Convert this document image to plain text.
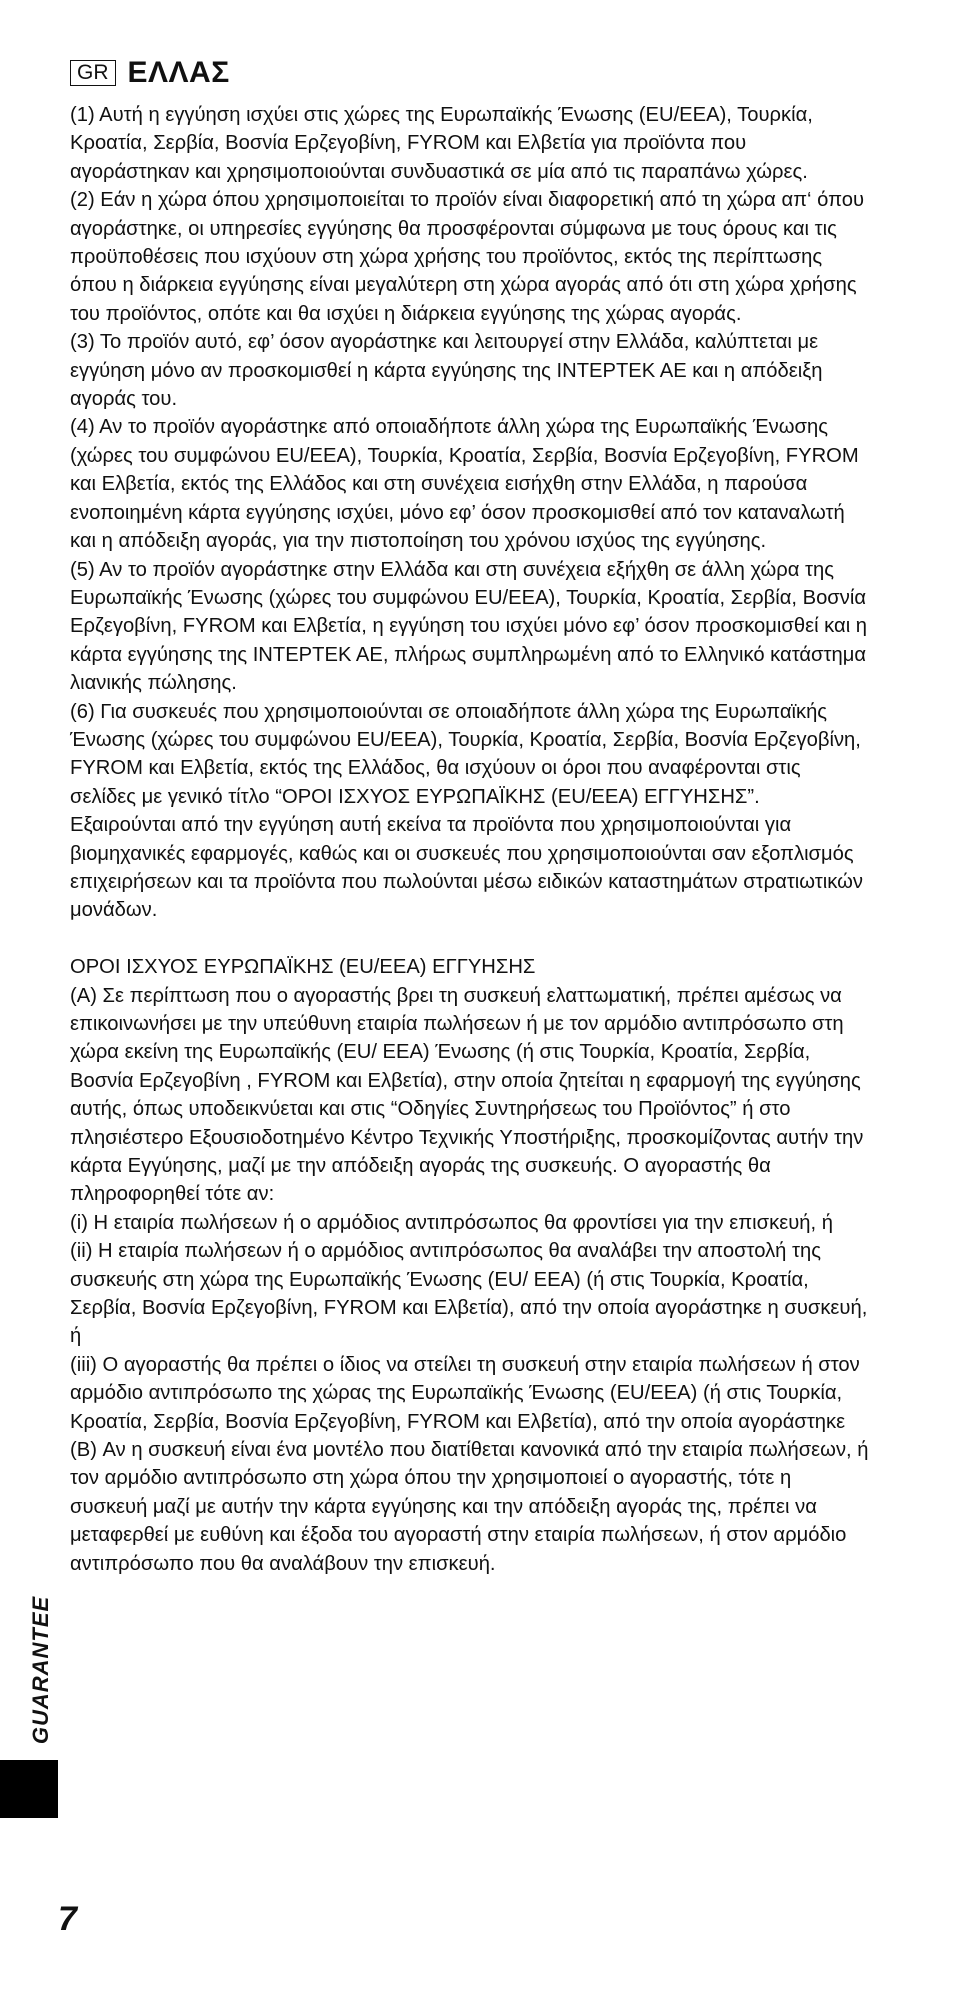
GR ΕΛΛΑΣ

(1) Αυτή η εγγύηση ισχύει στις χώρες της Ευρωπαϊκής Ένωσης (EU/EEA), Τουρκία, Κροατία, Σερβία, Βοσνία Ερζεγοβίνη, FYROM και Ελβετία για προϊόντα που αγοράστηκαν και χρησιμοποιούνται συνδυαστικά σε μία από τις παραπάνω χώρες.

(2) Εάν η χώρα όπου χρησιμοποιείται το προϊόν είναι διαφορετική από τη χώρα απ‘ όπου αγοράστηκε, οι υπηρεσίες εγγύησης θα προσφέρονται σύμφωνα με τους όρους και τις προϋποθέσεις που ισχύουν στη χώρα χρήσης του προϊόντος, εκτός της περίπτωσης όπου η διάρκεια εγγύησης είναι μεγαλύτερη στη χώρα αγοράς από ότι στη χώρα χρήσης του προϊόντος, οπότε και θα ισχύει η διάρκεια εγγύησης της χώρας αγοράς.

(3) Το προϊόν αυτό, εφ’ όσον αγοράστηκε και λειτουργεί στην Ελλάδα, καλύπτεται με εγγύηση μόνο αν προσκομισθεί η κάρτα εγγύησης της INTEPTEK AE και η απόδειξη αγοράς του.

(4) Αν το προϊόν αγοράστηκε από οποιαδήποτε άλλη χώρα της Ευρωπαϊκής Ένωσης (χώρες του συμφώνου EU/EEA), Τουρκία, Κροατία, Σερβία, Βοσνία Ερζεγοβίνη, FYROM και Ελβετία, εκτός της Ελλάδος και στη συνέχεια εισήχθη στην Ελλάδα, η παρούσα ενοποιημένη κάρτα εγγύησης ισχύει, μόνο εφ’ όσον προσκομισθεί από τον καταναλωτή και η απόδειξη αγοράς, για την πιστοποίηση του χρόνου ισχύος της εγγύησης.

(5) Αν το προϊόν αγοράστηκε στην Ελλάδα και στη συνέχεια εξήχθη σε άλλη χώρα της Ευρωπαϊκής Ένωσης (χώρες του συμφώνου EU/EEA), Τουρκία, Κροατία, Σερβία, Βοσνία Ερζεγοβίνη, FYROM και Ελβετία, η εγγύηση του ισχύει μόνο εφ’ όσον προσκομισθεί και η κάρτα εγγύησης της INTEPTEK AE, πλήρως συμπληρωμένη από το Ελληνικό κατάστημα λιανικής πώλησης.

(6) Για συσκευές που χρησιμοποιούνται σε οποιαδήποτε άλλη χώρα της Ευρωπαϊκής Ένωσης (χώρες του συμφώνου EU/EEA), Τουρκία, Κροατία, Σερβία, Βοσνία Ερζεγοβίνη, FYROM και Ελβετία, εκτός της Ελλάδος, θα ισχύουν οι όροι που αναφέρονται στις σελίδες με γενικό τίτλο “ΟΡΟΙ ΙΣΧΥΟΣ ΕΥΡΩΠΑΪΚΗΣ (EU/EEA) ΕΓΓΥΗΣΗΣ”. Εξαιρούνται από την εγγύηση αυτή εκείνα τα προϊόντα που χρησιμοποιούνται για βιομηχανικές εφαρμογές, καθώς και οι συσκευές που χρησιμοποιούνται σαν εξοπλισμός επιχειρήσεων και τα προϊόντα που πωλούνται μέσω ειδικών καταστημάτων στρατιωτικών μονάδων.

ΟΡΟΙ ΙΣΧΥΟΣ ΕΥΡΩΠΑΪΚΗΣ (EU/EEA) ΕΓΓΥΗΣΗΣ

(A) Σε περίπτωση που ο αγοραστής βρει τη συσκευή ελαττωματική, πρέπει αμέσως να επικοινωνήσει με την υπεύθυνη εταιρία πωλήσεων ή με τον αρμόδιο αντιπρόσωπο στη χώρα εκείνη της Ευρωπαϊκής (EU/ EEA) Ένωσης (ή στις Τουρκία, Κροατία, Σερβία, Βοσνία Ερζεγοβίνη , FYROM και Ελβετία), στην οποία ζητείται η εφαρμογή της εγγύησης αυτής, όπως υποδεικνύεται και στις “Οδηγίες Συντηρήσεως του Προϊόντος” ή στο πλησιέστερο Εξουσιοδοτημένο Κέντρο Τεχνικής Υποστήριξης, προσκομίζοντας αυτήν την κάρτα Εγγύησης, μαζί με την απόδειξη αγοράς της συσκευής. Ο αγοραστής θα πληροφορηθεί τότε αν:

(i) Η εταιρία πωλήσεων ή ο αρμόδιος αντιπρόσωπος θα φροντίσει για την επισκευή, ή

(ii) Η εταιρία πωλήσεων ή ο αρμόδιος αντιπρόσωπος θα αναλάβει την αποστολή της συσκευής στη χώρα της Ευρωπαϊκής Ένωσης (EU/ EEA) (ή στις Τουρκία, Κροατία, Σερβία, Βοσνία Ερζεγοβίνη, FYROM και Ελβετία), από την οποία αγοράστηκε η συσκευή, ή

(iii) Ο αγοραστής θα πρέπει ο ίδιος να στείλει τη συσκευή στην εταιρία πωλήσεων ή στον αρμόδιο αντιπρόσωπο της χώρας της Ευρωπαϊκής Ένωσης (EU/EEA) (ή στις Τουρκία, Κροατία, Σερβία, Βοσνία Ερζεγοβίνη, FYROM και Ελβετία), από την οποία αγοράστηκε

(B) Αν η συσκευή είναι ένα μοντέλο που διατίθεται κανονικά από την εταιρία πωλήσεων, ή τον αρμόδιο αντιπρόσωπο στη χώρα όπου την χρησιμοποιεί ο αγοραστής, τότε η συσκευή μαζί με αυτήν την κάρτα εγγύησης και την απόδειξη αγοράς της, πρέπει να μεταφερθεί με ευθύνη και έξοδα του αγοραστή στην εταιρία πωλήσεων, ή στον αρμόδιο αντιπρόσωπο που θα αναλάβουν την επισκευή.

GUARANTEE
7
